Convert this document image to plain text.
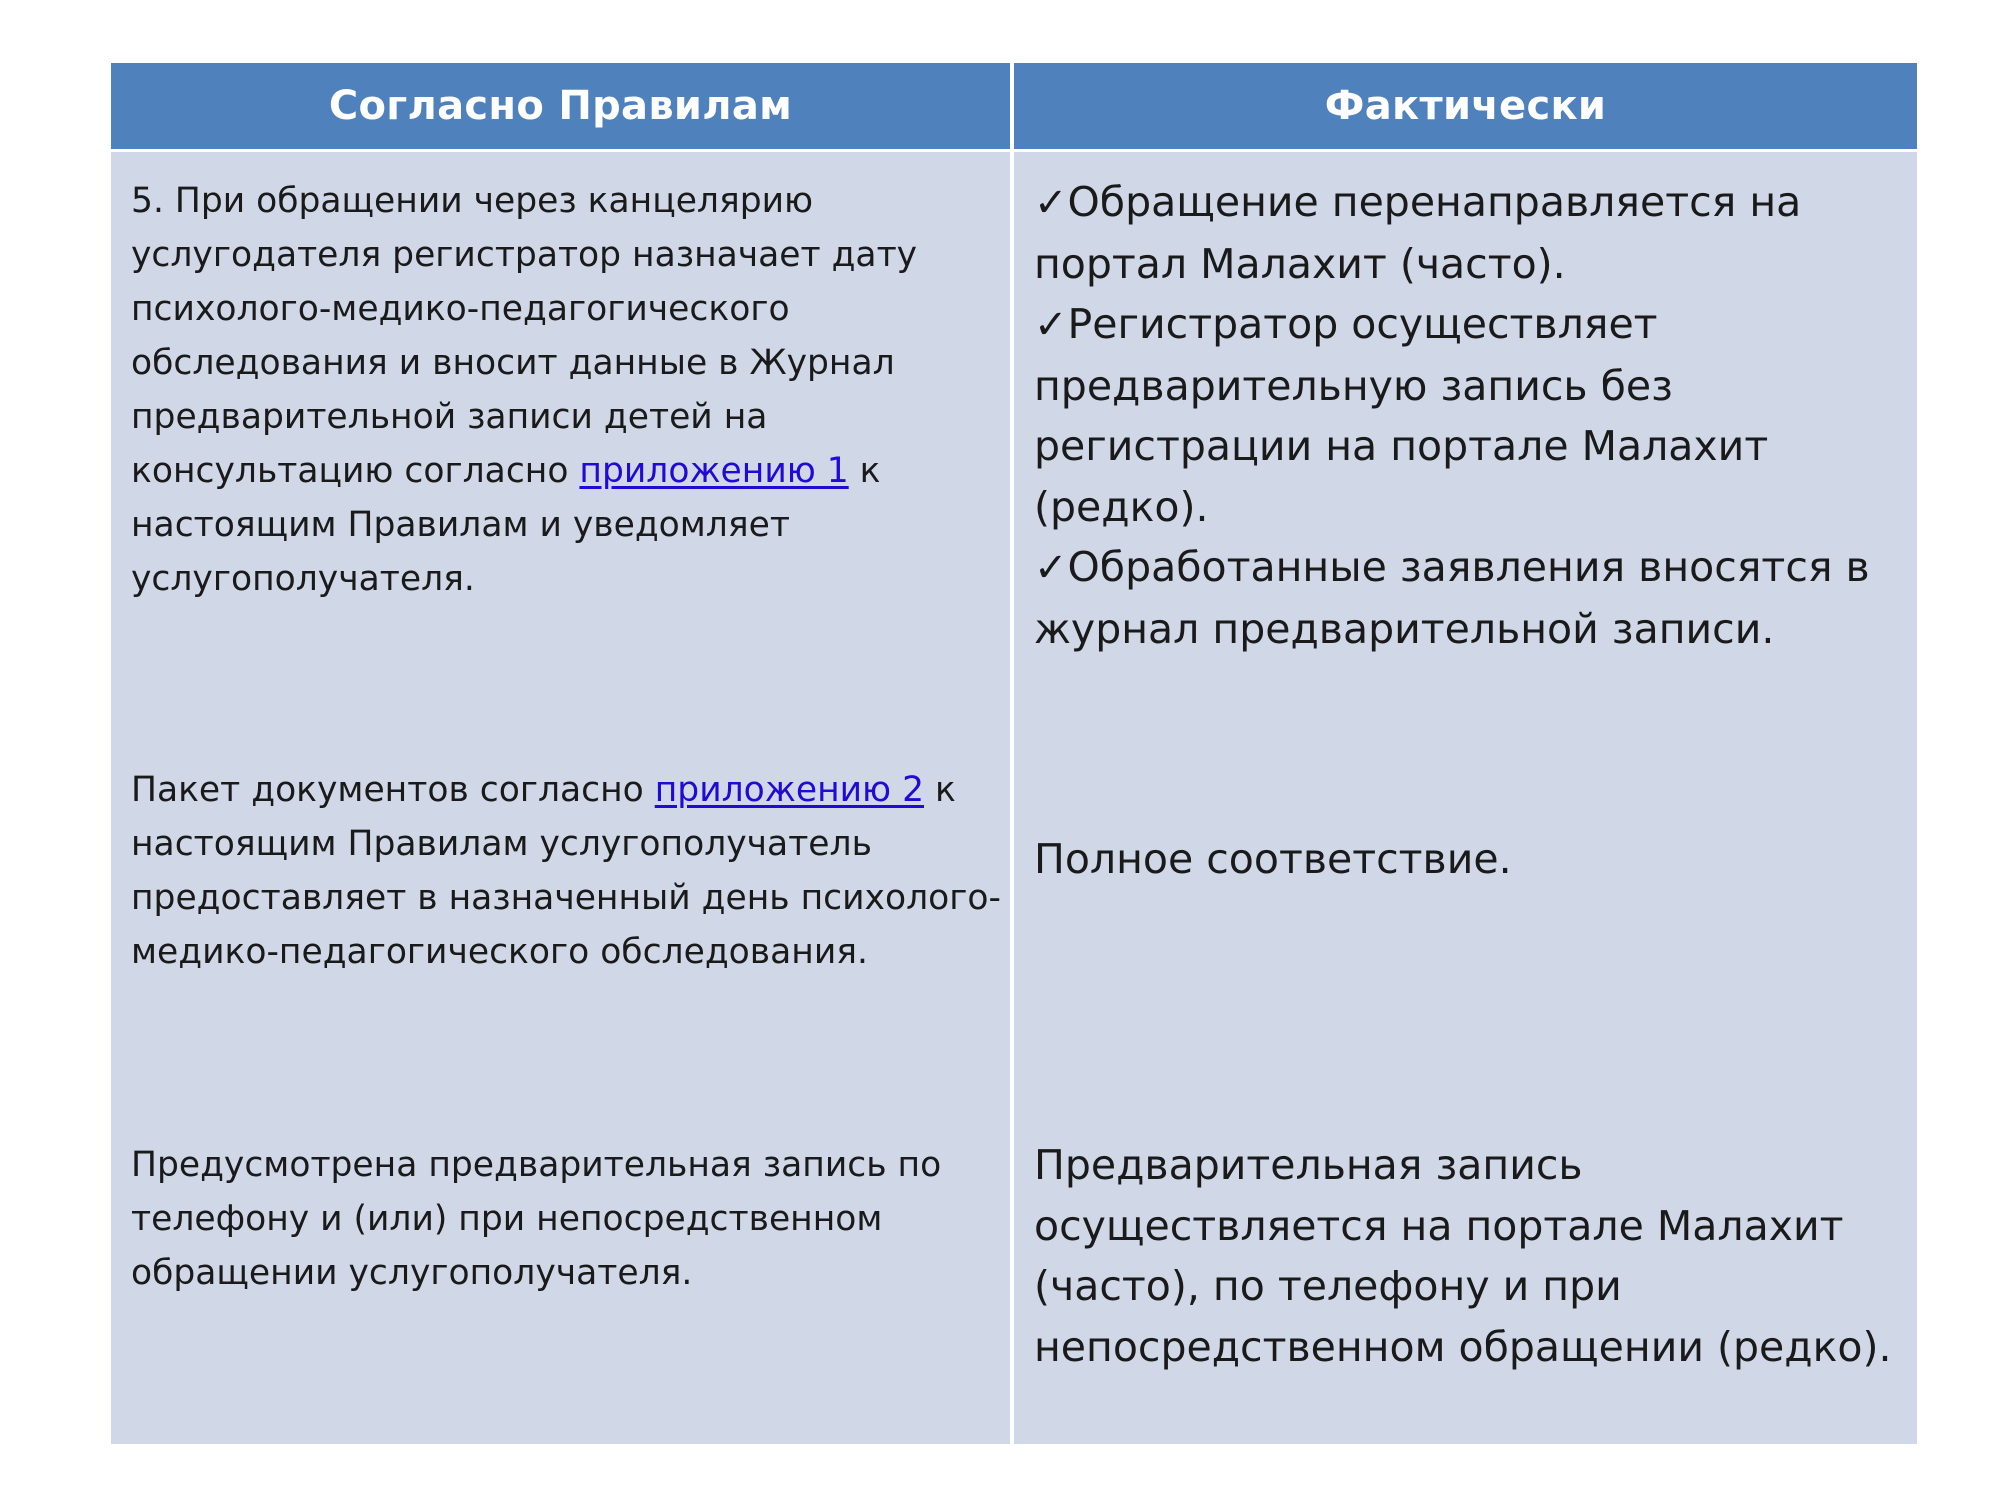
Согласно Правилам	Фактически

5. При обращении через канцелярию услугодателя регистратор назначает дату психолого-медико-педагогического обследования и вносит данные в Журнал предварительной записи детей на консультацию согласно приложению 1 к настоящим Правилам и уведомляет услугополучателя.

Пакет документов согласно приложению 2 к настоящим Правилам услугополучатель предоставляет в назначенный день психолого-медико-педагогического обследования.

Предусмотрена предварительная запись по телефону и (или) при непосредственном обращении услугополучателя.

✓Обращение перенаправляется на портал Малахит (часто).
✓Регистратор осуществляет предварительную запись без регистрации на портале Малахит (редко).
✓Обработанные заявления вносятся в журнал предварительной записи.

Полное соответствие.

Предварительная запись осуществляется на портале Малахит (часто), по телефону и при непосредственном обращении (редко).
